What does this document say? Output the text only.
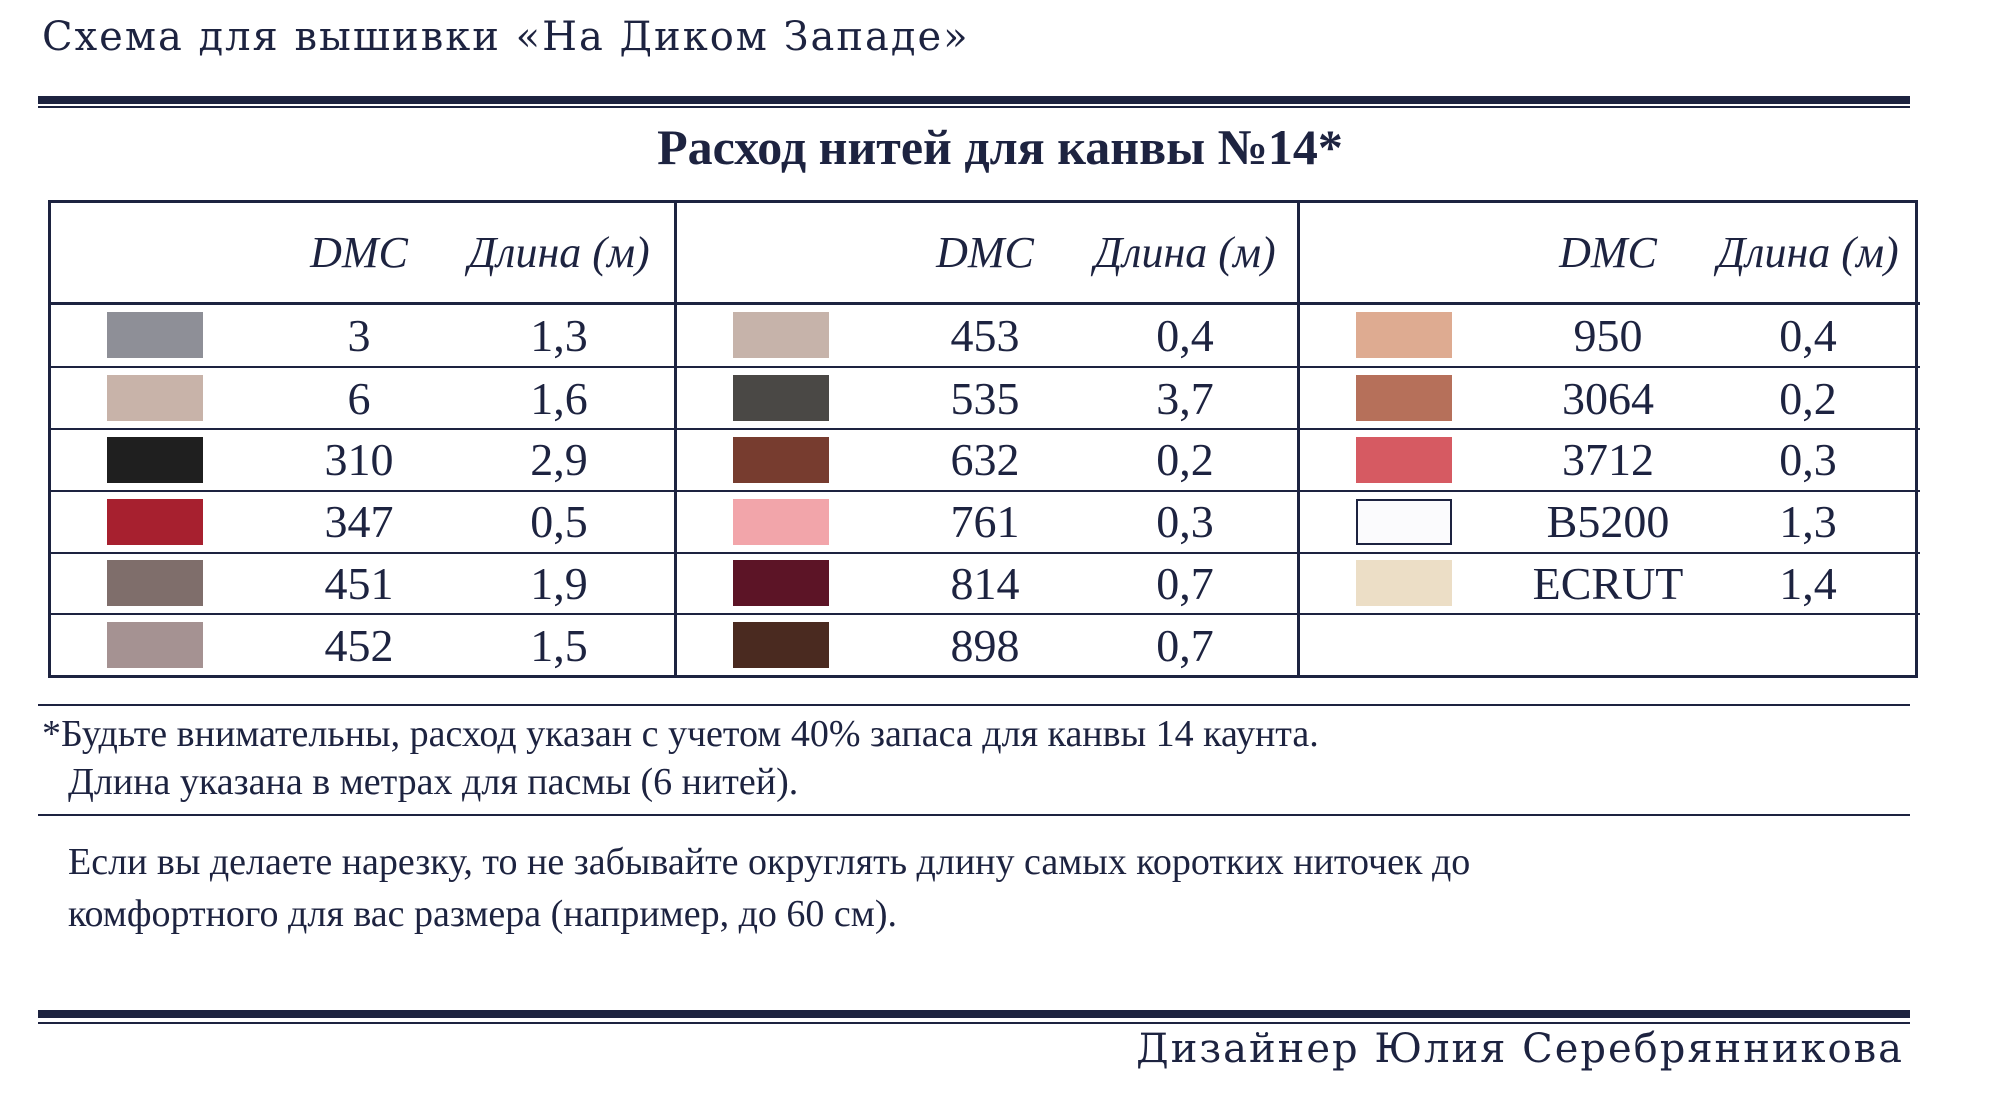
Схема для вышивки «На Диком Западе»
Расход нитей для канвы №14*
DMC	Длина (м)
3	1,3
6	1,6
310	2,9
347	0,5
451	1,9
452	1,5
DMC	Длина (м)
453	0,4
535	3,7
632	0,2
761	0,3
814	0,7
898	0,7
DMC	Длина (м)
950	0,4
3064	0,2
3712	0,3
B5200	1,3
ECRUT	1,4
*Будьте внимательны, расход указан с учетом 40% запаса для канвы 14 каунта.
Длина указана в метрах для пасмы (6 нитей).
Если вы делаете нарезку, то не забывайте округлять длину самых коротких ниточек до
комфортного для вас размера (например, до 60 см).
Дизайнер Юлия Серебрянникова
